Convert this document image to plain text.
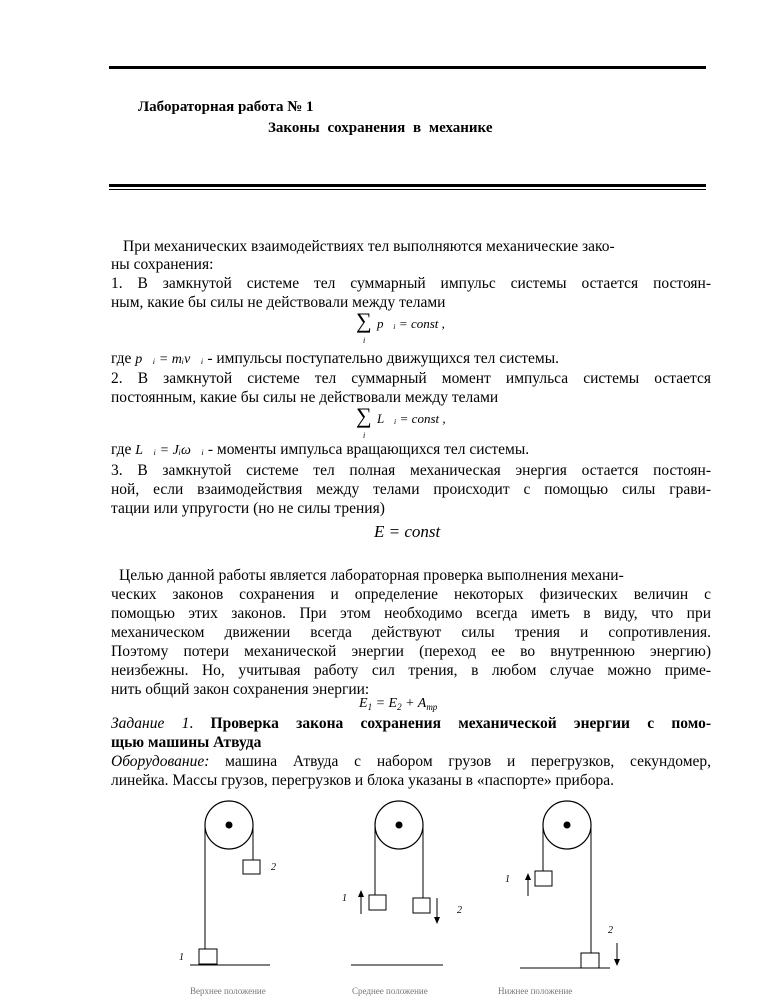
Лабораторная работа № 1
Законы сохранения в механике
При механических взаимодействиях тел выполняются механические зако-
ны сохранения:
1. В замкнутой системе тел суммарный импульс системы остается постоян-
ным, какие бы силы не действовали между телами
∑
i
p⃗ᵢ = const ,
где p⃗ᵢ = mᵢv⃗ᵢ - импульсы поступательно движущихся тел системы.
2. В замкнутой системе тел суммарный момент импульса системы остается
постоянным, какие бы силы не действовали между телами
∑
i
L⃗ᵢ = const ,
где L⃗ᵢ = Jᵢω⃗ᵢ - моменты импульса вращающихся тел системы.
3. В замкнутой системе тел полная механическая энергия остается постоян-
ной, если взаимодействия между телами происходит с помощью силы грави-
тации или упругости (но не силы трения)
E = const
Целью данной работы является лабораторная проверка выполнения механи-
ческих законов сохранения и определение некоторых физических величин с
помощью этих законов. При этом необходимо всегда иметь в виду, что при
механическом движении всегда действуют силы трения и сопротивления.
Поэтому потери механической энергии (переход ее во внутреннюю энергию)
неизбежны. Но, учитывая работу сил трения, в любом случае можно приме-
нить общий закон сохранения энергии:
$E_1 = E_2 + A_{тр}$
Задание 1. Проверка закона сохранения механической энергии с помо-
щью машины Атвуда
Оборудование: машина Атвуда с набором грузов и перегрузков, секундомер,
линейка. Массы грузов, перегрузков и блока указаны в «паспорте» прибора.
2
1
1
2
1
2
Верхнее положение	Среднее положение	Нижнее положение
